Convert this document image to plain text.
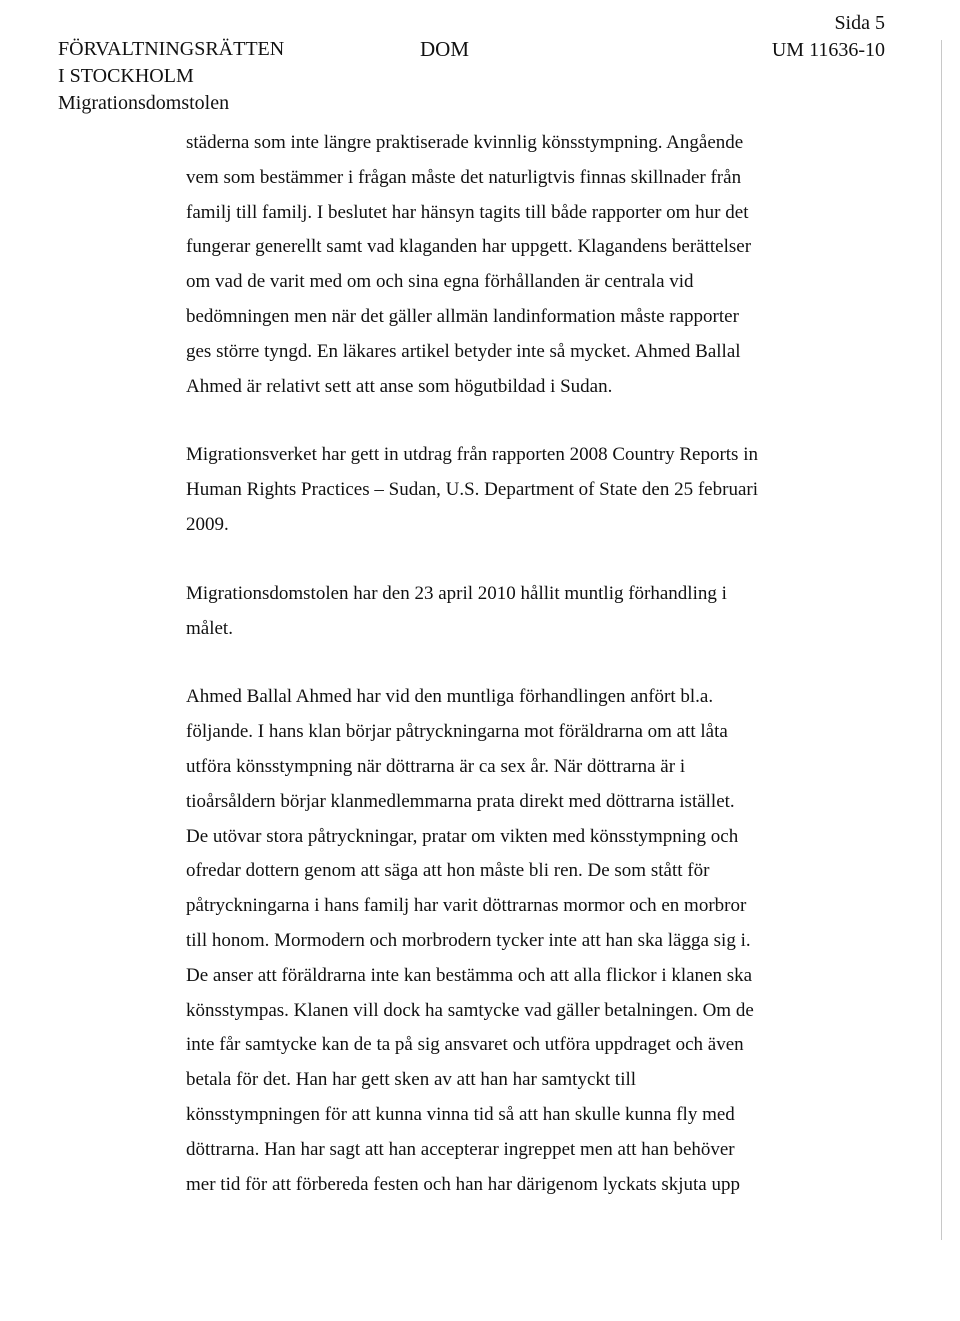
FÖRVALTNINGSRÄTTEN
I STOCKHOLM
Migrationsdomstolen
DOM
Sida 5
UM 11636-10
städerna som inte längre praktiserade kvinnlig könsstympning. Angående
vem som bestämmer i frågan måste det naturligtvis finnas skillnader från
familj till familj. I beslutet har hänsyn tagits till både rapporter om hur det
fungerar generellt samt vad klaganden har uppgett. Klagandens berättelser
om vad de varit med om och sina egna förhållanden är centrala vid
bedömningen men när det gäller allmän landinformation måste rapporter
ges större tyngd. En läkares artikel betyder inte så mycket. Ahmed Ballal
Ahmed är relativt sett att anse som högutbildad i Sudan.
Migrationsverket har gett in utdrag från rapporten 2008 Country Reports in
Human Rights Practices – Sudan, U.S. Department of State den 25 februari
2009.
Migrationsdomstolen har den 23 april 2010 hållit muntlig förhandling i
målet.
Ahmed Ballal Ahmed har vid den muntliga förhandlingen anfört bl.a.
följande. I hans klan börjar påtryckningarna mot föräldrarna om att låta
utföra könsstympning när döttrarna är ca sex år. När döttrarna är i
tioårsåldern börjar klanmedlemmarna prata direkt med döttrarna istället.
De utövar stora påtryckningar, pratar om vikten med könsstympning och
ofredar dottern genom att säga att hon måste bli ren. De som stått för
påtryckningarna i hans familj har varit döttrarnas mormor och en morbror
till honom. Mormodern och morbrodern tycker inte att han ska lägga sig i.
De anser att föräldrarna inte kan bestämma och att alla flickor i klanen ska
könsstympas. Klanen vill dock ha samtycke vad gäller betalningen. Om de
inte får samtycke kan de ta på sig ansvaret och utföra uppdraget och även
betala för det. Han har gett sken av att han har samtyckt till
könsstympningen för att kunna vinna tid så att han skulle kunna fly med
döttrarna. Han har sagt att han accepterar ingreppet men att han behöver
mer tid för att förbereda festen och han har därigenom lyckats skjuta upp
